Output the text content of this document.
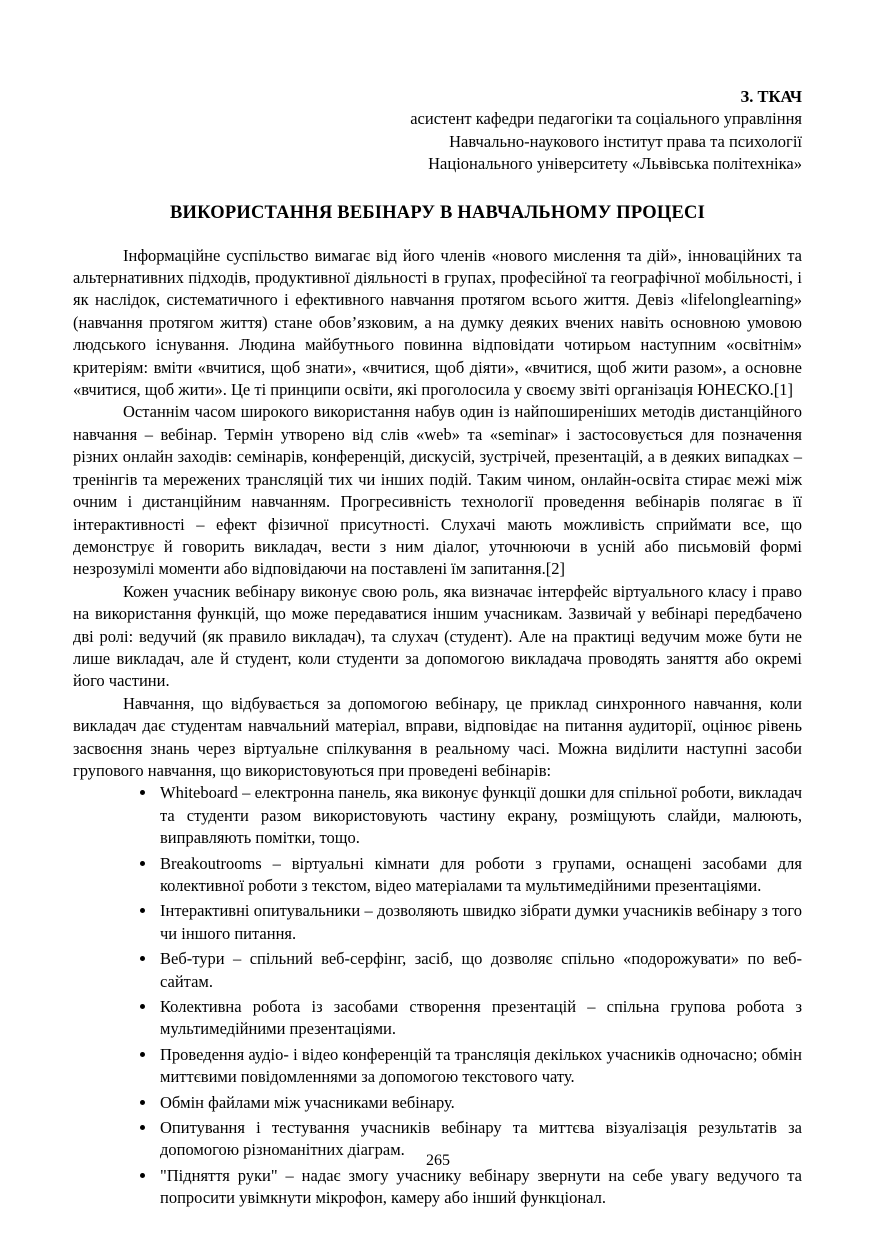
З. ТКАЧ
асистент кафедри педагогіки та соціального управління
Навчально-наукового інститут права та психології
Національного університету «Львівська політехніка»
ВИКОРИСТАННЯ ВЕБІНАРУ В НАВЧАЛЬНОМУ ПРОЦЕСІ

Інформаційне суспільство вимагає від його членів «нового мислення та дій», інноваційних та альтернативних підходів, продуктивної діяльності в групах, професійної та географічної мобільності, і як наслідок, систематичного і ефективного навчання протягом всього життя. Девіз «lifelonglearning» (навчання протягом життя) стане обов’язковим, а на думку деяких вчених навіть основною умовою людського існування. Людина майбутнього повинна відповідати чотирьом наступним «освітнім» критеріям: вміти «вчитися, щоб знати», «вчитися, щоб діяти», «вчитися, щоб жити разом», а основне «вчитися, щоб жити». Це ті принципи освіти, які проголосила у своєму звіті організація ЮНЕСКО.[1]

Останнім часом широкого використання набув один із найпоширеніших методів дистанційного навчання – вебінар. Термін утворено від слів «web» та «seminar» і застосовується для позначення різних онлайн заходів: семінарів, конференцій, дискусій, зустрічей, презентацій, а в деяких випадках – тренінгів та мережених трансляцій тих чи інших подій. Таким чином, онлайн-освіта стирає межі між очним і дистанційним навчанням. Прогресивність технології проведення вебінарів полягає в її інтерактивності – ефект фізичної присутності. Слухачі мають можливість сприймати все, що демонструє й говорить викладач, вести з ним діалог, уточнюючи в усній або письмовій формі незрозумілі моменти або відповідаючи на поставлені їм запитання.[2]

Кожен учасник вебінару виконує свою роль, яка визначає інтерфейс віртуального класу і право на використання функцій, що може передаватися іншим учасникам. Зазвичай у вебінарі передбачено дві ролі: ведучий (як правило викладач), та слухач (студент). Але на практиці ведучим може бути не лише викладач, але й студент, коли студенти за допомогою викладача проводять заняття або окремі його частини.

Навчання, що відбувається за допомогою вебінару, це приклад синхронного навчання, коли викладач дає студентам навчальний матеріал, вправи, відповідає на питання аудиторії, оцінює рівень засвоєння знань через віртуальне спілкування в реальному часі. Можна виділити наступні засоби групового навчання, що використовуються при проведені вебінарів:

• Whiteboard – електронна панель, яка виконує функції дошки для спільної роботи, викладач та студенти разом використовують частину екрану, розміщують слайди, малюють, виправляють помітки, тощо.
• Breakoutrooms – віртуальні кімнати для роботи з групами, оснащені засобами для колективної роботи з текстом, відео матеріалами та мультимедійними презентаціями.
• Інтерактивні опитувальники – дозволяють швидко зібрати думки учасників вебінару з того чи іншого питання.
• Веб-тури – спільний веб-серфінг, засіб, що дозволяє спільно «подорожувати» по веб-сайтам.
• Колективна робота із засобами створення презентацій – спільна групова робота з мультимедійними презентаціями.
• Проведення аудіо- і відео конференцій та трансляція декількох учасників одночасно; обмін миттєвими повідомленнями за допомогою текстового чату.
• Обмін файлами між учасниками вебінару.
• Опитування і тестування учасників вебінару та миттєва візуалізація результатів за допомогою різноманітних діаграм.
• "Підняття руки" – надає змогу учаснику вебінару звернути на себе увагу ведучого та попросити увімкнути мікрофон, камеру або інший функціонал.
265
